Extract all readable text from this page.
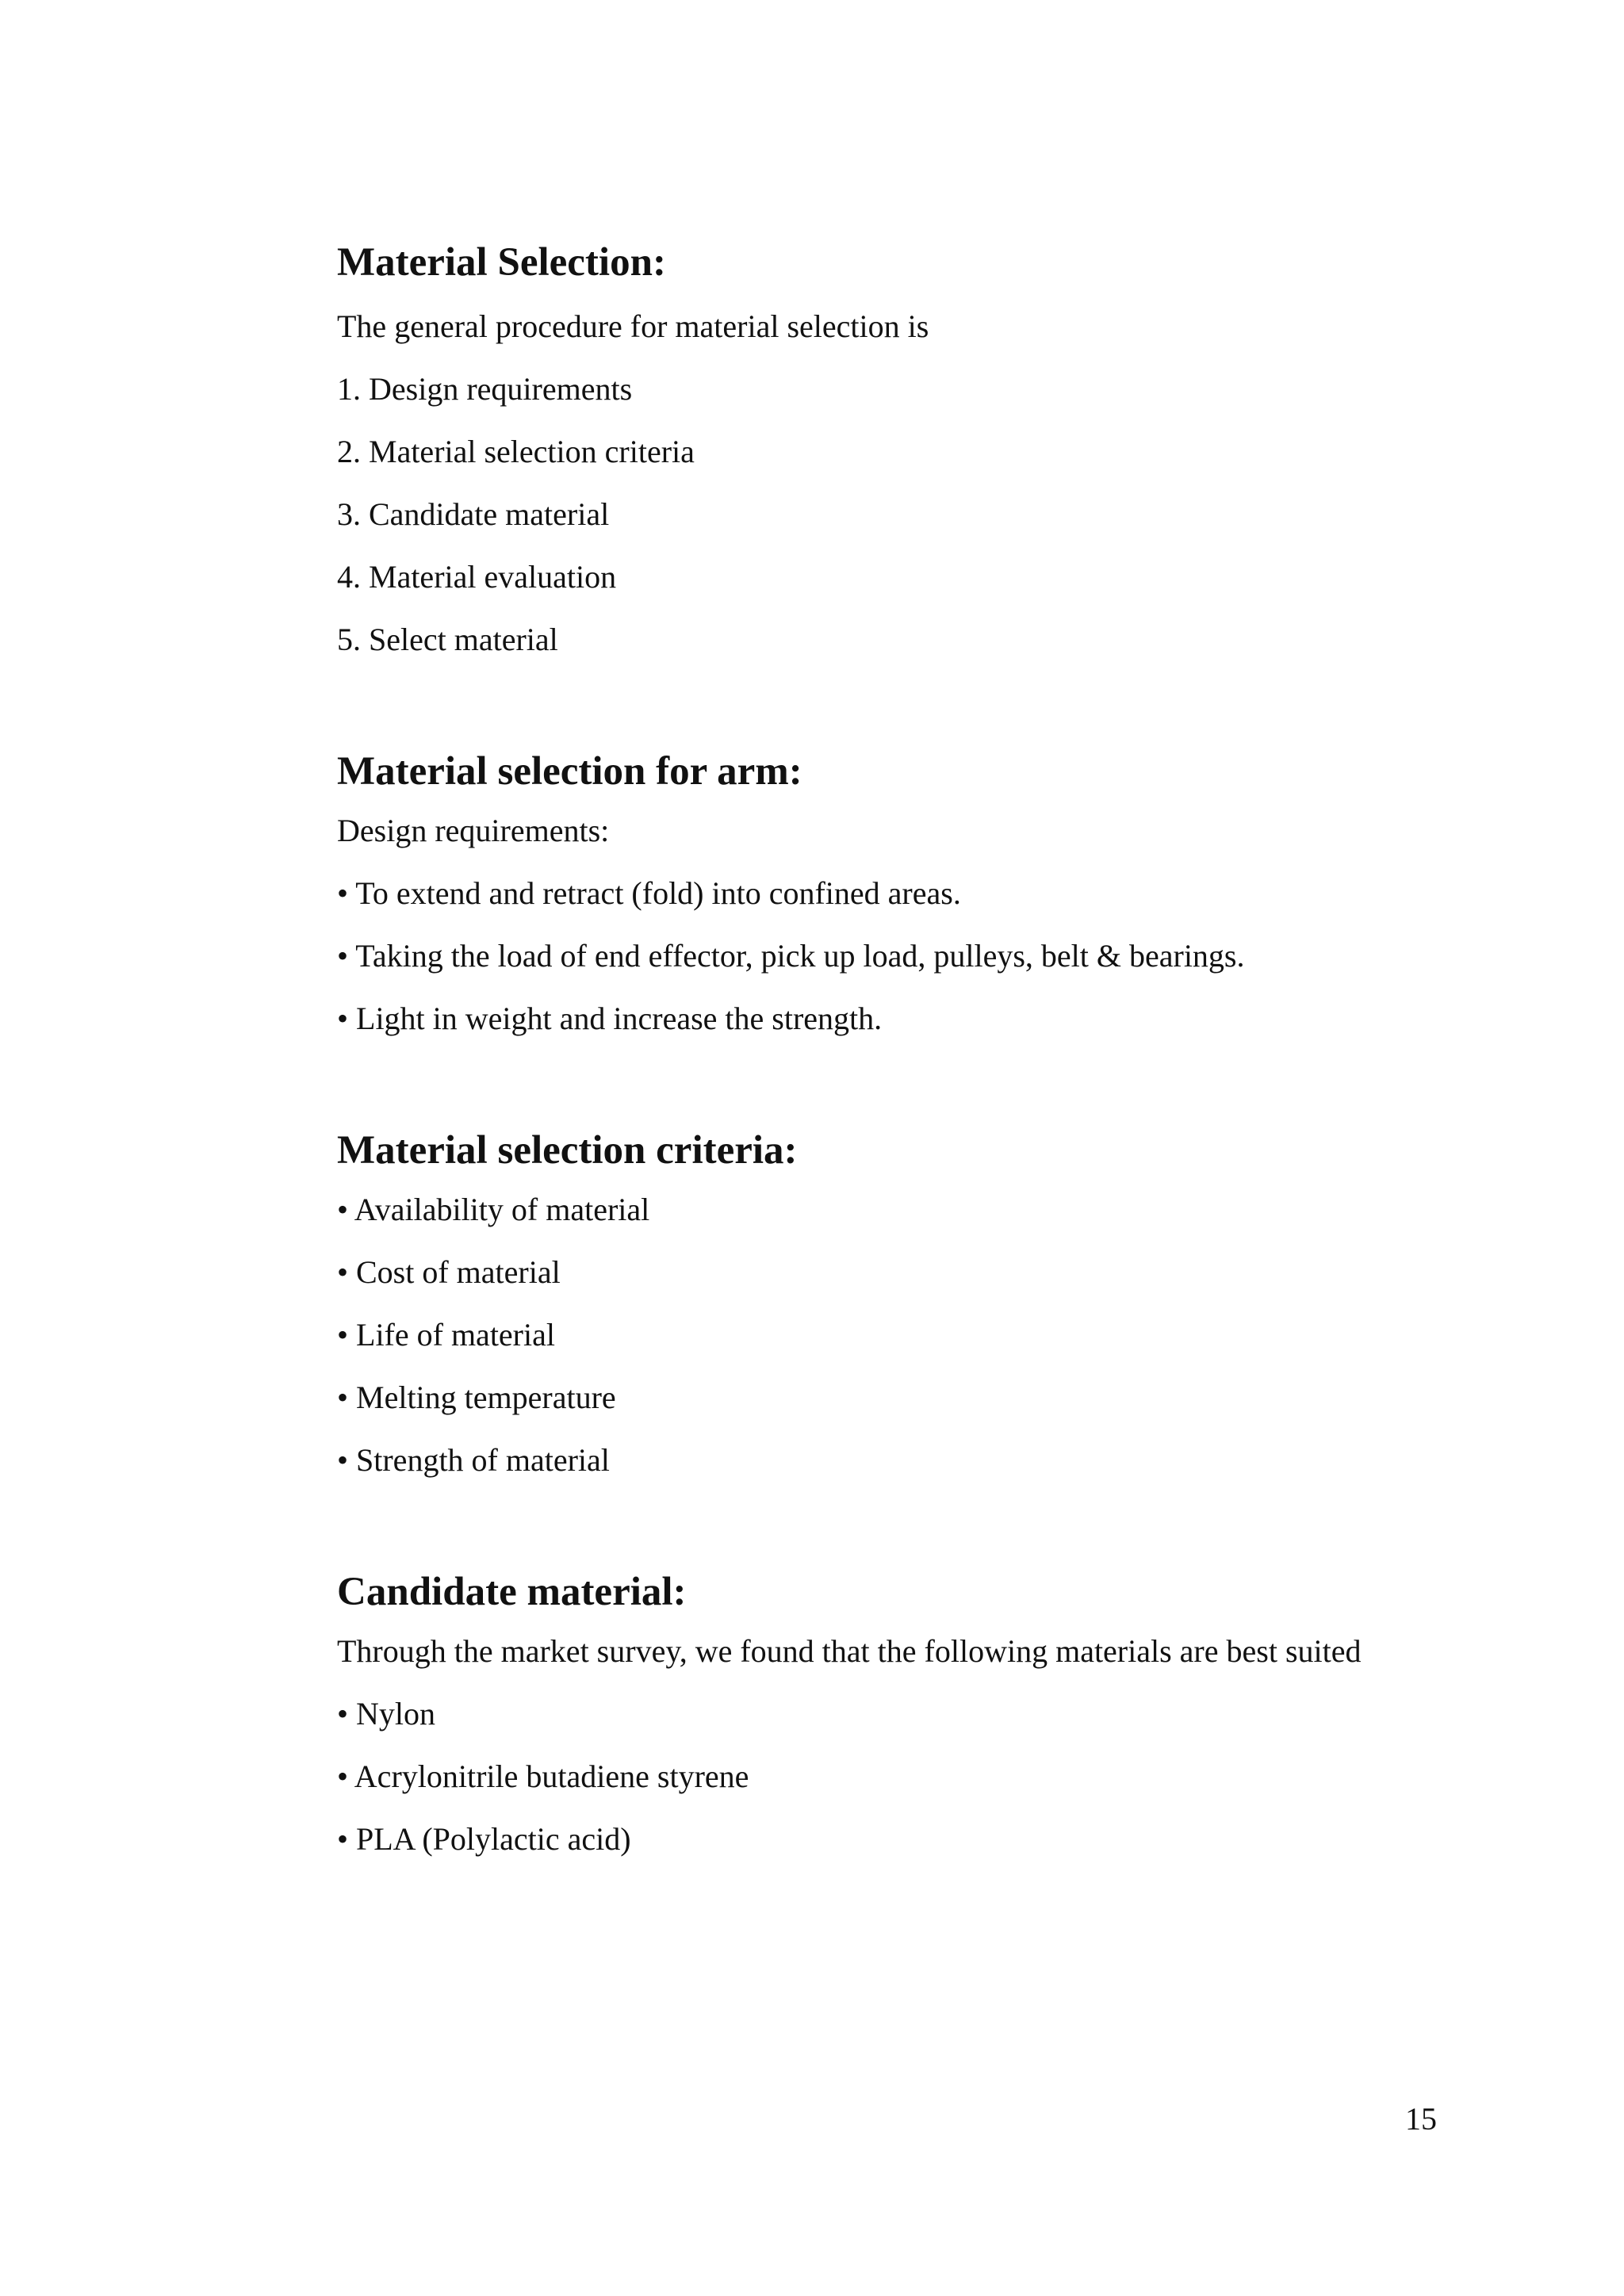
Material Selection:

The general procedure for material selection is

1. Design requirements

2. Material selection criteria

3. Candidate material

4. Material evaluation

5. Select material

Material selection for arm:

Design requirements:

• To extend and retract (fold) into confined areas.

• Taking the load of end effector, pick up load, pulleys, belt & bearings.

• Light in weight and increase the strength.

Material selection criteria:

• Availability of material

• Cost of material

• Life of material

• Melting temperature

• Strength of material

Candidate material:

Through the market survey, we found that the following materials are best suited

• Nylon

• Acrylonitrile butadiene styrene

• PLA (Polylactic acid)

15
